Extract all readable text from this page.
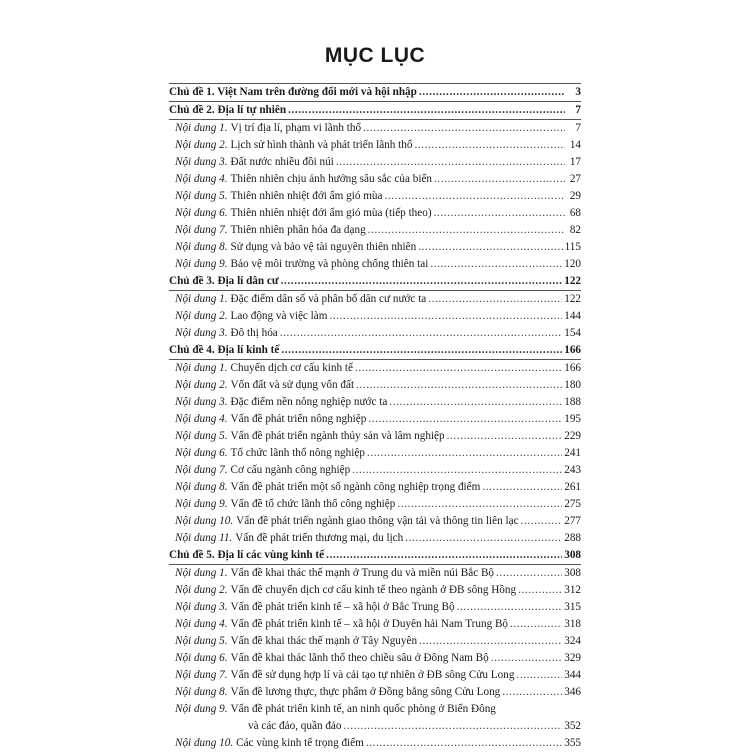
MỤC LỤC
Chủ đề 1. Việt Nam trên đường đổi mới và hội nhập .....	3
Chủ đề 2. Địa lí tự nhiên .....	7
Nội dung 1. Vị trí địa lí, phạm vi lãnh thổ .....	7
Nội dung 2. Lịch sử hình thành và phát triển lãnh thổ .....	14
Nội dung 3. Đất nước nhiều đồi núi .....	17
Nội dung 4. Thiên nhiên chịu ảnh hưởng sâu sắc của biển .....	27
Nội dung 5. Thiên nhiên nhiệt đới ẩm gió mùa .....	29
Nội dung 6. Thiên nhiên nhiệt đới ẩm gió mùa (tiếp theo) .....	68
Nội dung 7. Thiên nhiên phân hóa đa dạng .....	82
Nội dung 8. Sử dụng và bảo vệ tài nguyên thiên nhiên .....	115
Nội dung 9. Bảo vệ môi trường và phòng chống thiên tai .....	120
Chủ đề 3. Địa lí dân cư .....	122
Nội dung 1. Đặc điểm dân số và phân bố dân cư nước ta .....	122
Nội dung 2. Lao động và việc làm .....	144
Nội dung 3. Đô thị hóa .....	154
Chủ đề 4. Địa lí kinh tế .....	166
Nội dung 1. Chuyển dịch cơ cấu kinh tế .....	166
Nội dung 2. Vốn đất và sử dụng vốn đất .....	180
Nội dung 3. Đặc điểm nền nông nghiệp nước ta .....	188
Nội dung 4. Vấn đề phát triển nông nghiệp .....	195
Nội dung 5. Vấn đề phát triển ngành thủy sản và lâm nghiệp .....	229
Nội dung 6. Tổ chức lãnh thổ nông nghiệp .....	241
Nội dung 7. Cơ cấu ngành công nghiệp .....	243
Nội dung 8. Vấn đề phát triển một số ngành công nghiệp trọng điểm .....	261
Nội dung 9. Vấn đề tổ chức lãnh thổ công nghiệp .....	275
Nội dung 10. Vấn đề phát triển ngành giao thông vận tải và thông tin liên lạc .....	277
Nội dung 11. Vấn đề phát triển thương mại, du lịch .....	288
Chủ đề 5. Địa lí các vùng kinh tế .....	308
Nội dung 1. Vấn đề khai thác thế mạnh ở Trung du và miền núi Bắc Bộ .....	308
Nội dung 2. Vấn đề chuyển dịch cơ cấu kinh tế theo ngành ở ĐB sông Hồng .....	312
Nội dung 3. Vấn đề phát triển kinh tế – xã hội ở Bắc Trung Bộ .....	315
Nội dung 4. Vấn đề phát triển kinh tế – xã hội ở Duyên hải Nam Trung Bộ .....	318
Nội dung 5. Vấn đề khai thác thế mạnh ở Tây Nguyên .....	324
Nội dung 6. Vấn đề khai thác lãnh thổ theo chiều sâu ở Đông Nam Bộ .....	329
Nội dung 7. Vấn đề sử dụng hợp lí và cải tạo tự nhiên ở ĐB sông Cửu Long .....	344
Nội dung 8. Vấn đề lương thực, thực phẩm ở Đồng bằng sông Cửu Long .....	346
Nội dung 9. Vấn đề phát triển kinh tế, an ninh quốc phòng ở Biển Đông
và các đảo, quần đảo .....	352
Nội dung 10. Các vùng kinh tế trọng điểm .....	355
